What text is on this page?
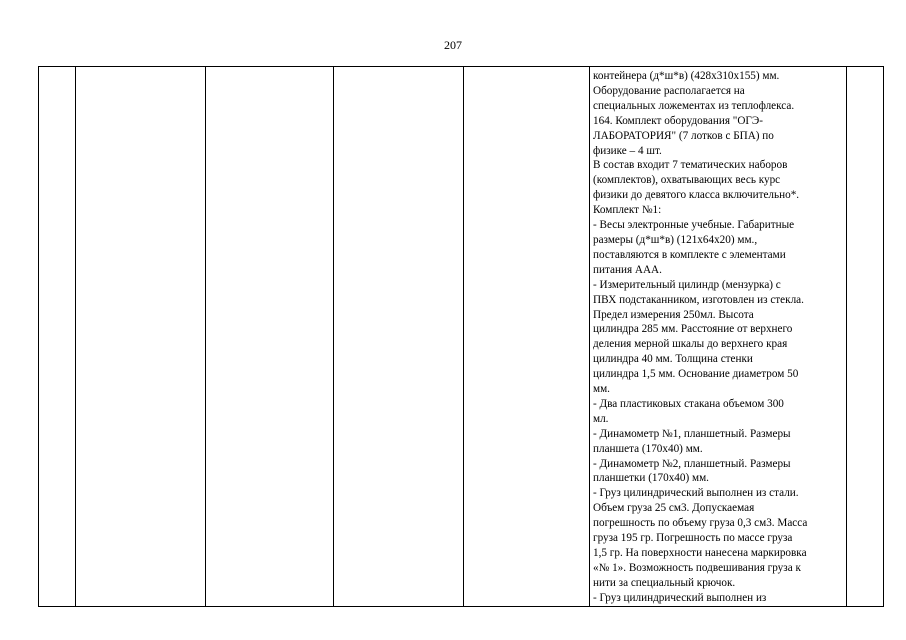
207

контейнера (д*ш*в) (428х310х155) мм.
Оборудование располагается на
специальных ложементах из теплофлекса.
164. Комплект оборудования "ОГЭ-
ЛАБОРАТОРИЯ" (7 лотков с БПА) по
физике – 4 шт.
В состав входит 7 тематических наборов
(комплектов), охватывающих весь курс
физики до девятого класса включительно*.
Комплект №1:
- Весы электронные учебные. Габаритные
размеры (д*ш*в) (121х64х20) мм.,
поставляются в комплекте с элементами
питания ААА.
- Измерительный цилиндр (мензурка) с
ПВХ подстаканником, изготовлен из стекла.
Предел измерения 250мл. Высота
цилиндра 285 мм. Расстояние от верхнего
деления мерной шкалы до верхнего края
цилиндра 40 мм. Толщина стенки
цилиндра 1,5 мм. Основание диаметром 50
мм.
- Два пластиковых стакана объемом 300
мл.
- Динамометр №1, планшетный. Размеры
планшета (170х40) мм.
- Динамометр №2, планшетный. Размеры
планшетки (170х40) мм.
- Груз цилиндрический выполнен из стали.
Объем груза 25 см3. Допускаемая
погрешность по объему груза 0,3 см3. Масса
груза 195 гр. Погрешность по массе груза
1,5 гр. На поверхности нанесена маркировка
«№ 1». Возможность подвешивания груза к
нити за специальный крючок.
- Груз цилиндрический выполнен из
